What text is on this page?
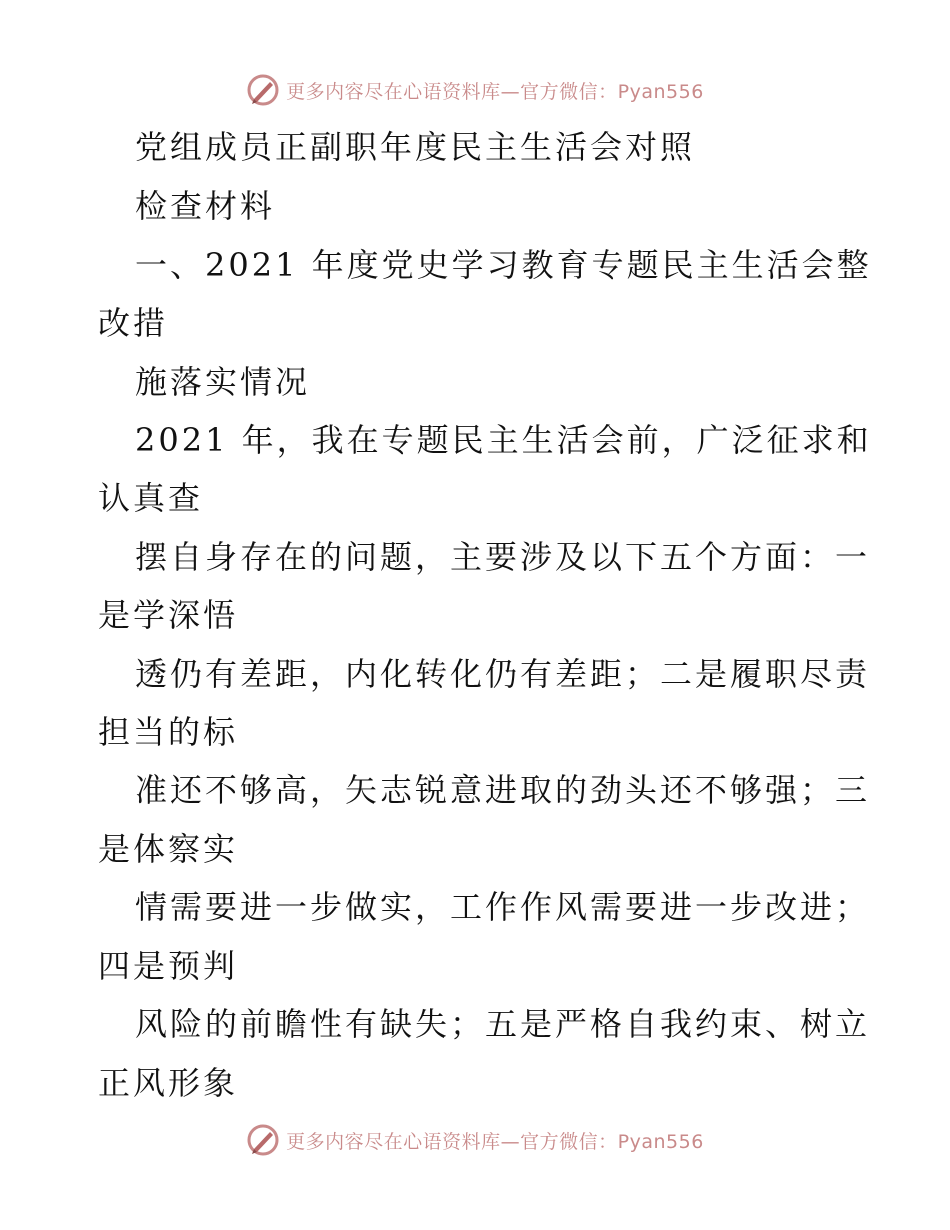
更多内容尽在心语资料库—官方微信：Pyan556
党组成员正副职年度民主生活会对照
检查材料
一、2021 年度党史学习教育专题民主生活会整
改措
施落实情况
2021 年，我在专题民主生活会前，广泛征求和
认真查
摆自身存在的问题，主要涉及以下五个方面：一
是学深悟
透仍有差距，内化转化仍有差距；二是履职尽责
担当的标
准还不够高，矢志锐意进取的劲头还不够强；三
是体察实
情需要进一步做实，工作作风需要进一步改进；
四是预判
风险的前瞻性有缺失；五是严格自我约束、树立
正风形象
更多内容尽在心语资料库—官方微信：Pyan556
